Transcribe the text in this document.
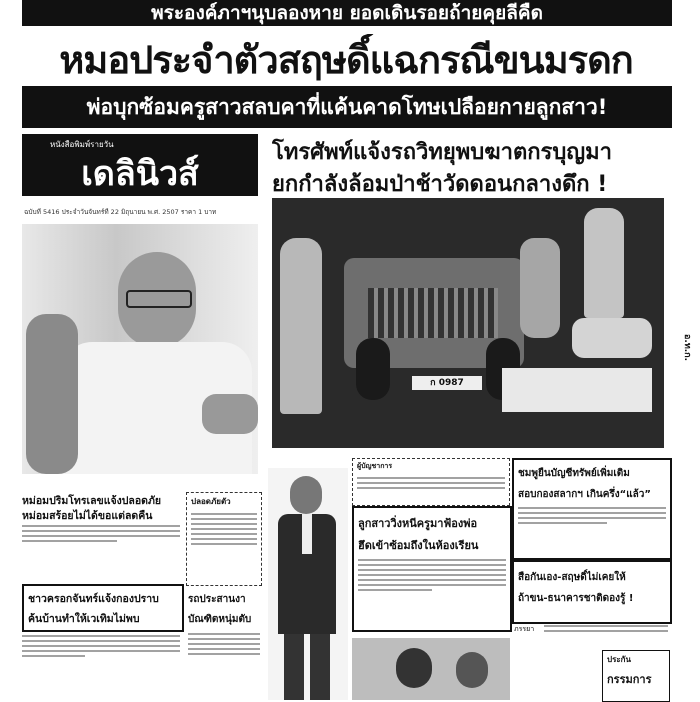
พระองค์ภาฯนุบลองหาย ยอดเดินรอยถ้ายคุยลีคืด
หมอประจำตัวสฤษดิ์แฉกรณีขนมรดก
พ่อบุกซ้อมครูสาวสลบคาที่แค้นคาดโทษเปลือยกายลูกสาว!
หนังสือพิมพ์รายวัน
เดลินิวส์
ฉบับที่ 5416 ประจำวันจันทร์ที่ 22 มิถุนายน พ.ศ. 2507 ราคา 1 บาท
โทรศัพท์แจ้งรถวิทยุพบฆาตกรบุญมา
ยกกำลังล้อมป่าช้าวัดดอนกลางดึก !
ก 0987
อ.ท.ก.
หม่อมปริมโทรเลขแจ้งปลอดภัย
หม่อมสร้อยไม่ได้ขอแต่ลดคืน
ชาวครอกจันทร์แจ้งกองปราบ
ค้นบ้านทำให้เวเทิมไม่พบ
ปลอดภัยตัว
รถประสานงา
บัณฑิตหนุ่มตับ
ผู้บัญชาการ
ลูกสาววิ่งหนีครูมาฟ้องพ่อ
ฮึดเข้าซ้อมถึงในห้องเรียน
ชมพูยืนบัญชีทรัพย์เพิ่มเติม
สอบกองสลากฯ เกินครึ่ง“แล้ว”
สือกันเอง-สฤษดิ์ไม่เคยให้
ถ้าขน-ธนาคารชาติดองรู้ !
ภรรยา
ประกัน
กรรมการ
